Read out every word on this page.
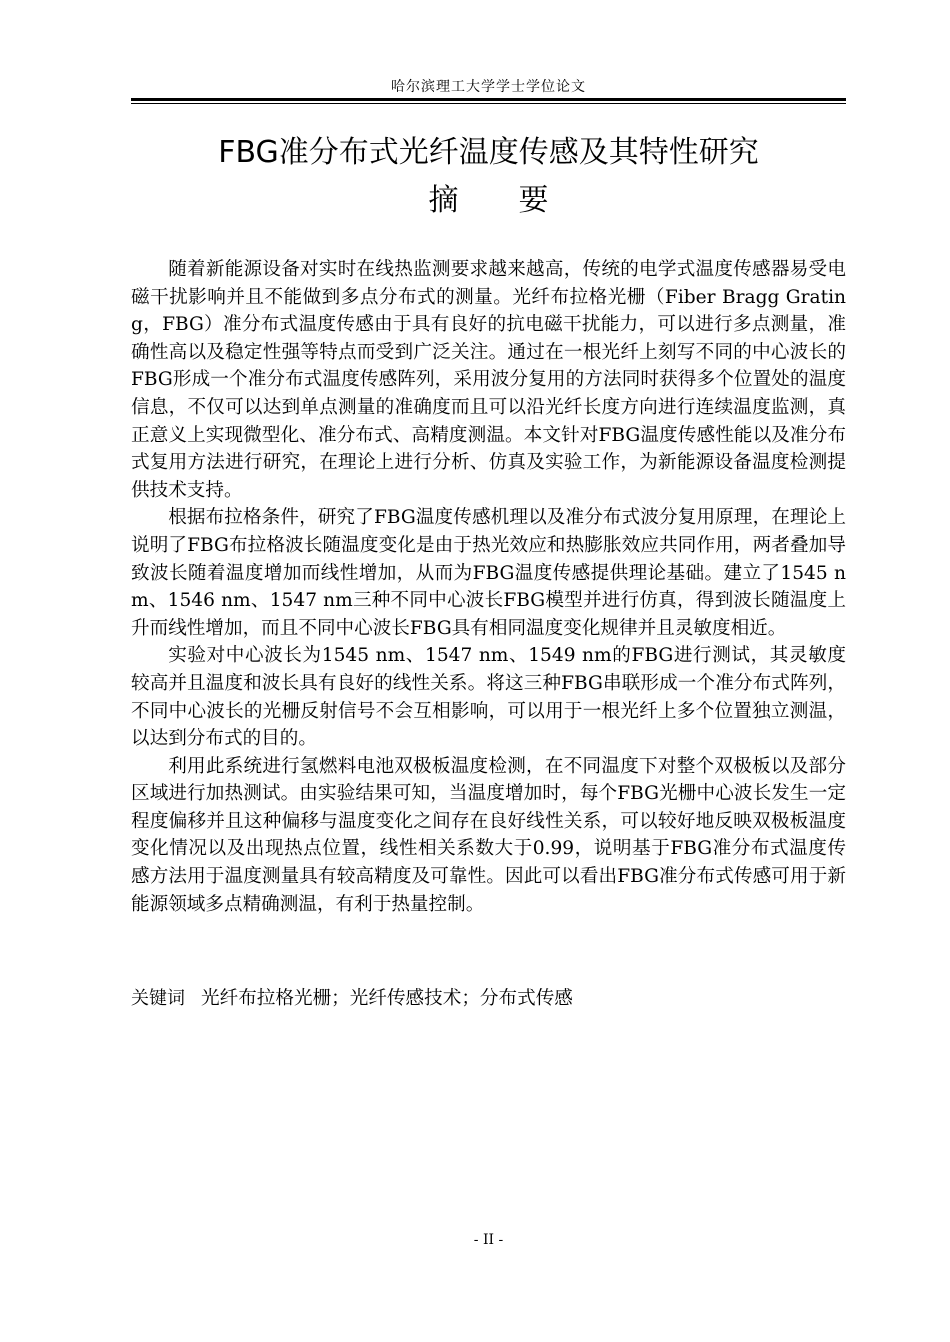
哈尔滨理工大学学士学位论文
FBG准分布式光纤温度传感及其特性研究
摘要

随着新能源设备对实时在线热监测要求越来越高，传统的电学式温度传感器易受电磁干扰影响并且不能做到多点分布式的测量。光纤布拉格光栅（Fiber Bragg Grating，FBG）准分布式温度传感由于具有良好的抗电磁干扰能力，可以进行多点测量，准确性高以及稳定性强等特点而受到广泛关注。通过在一根光纤上刻写不同的中心波长的FBG形成一个准分布式温度传感阵列，采用波分复用的方法同时获得多个位置处的温度信息，不仅可以达到单点测量的准确度而且可以沿光纤长度方向进行连续温度监测，真正意义上实现微型化、准分布式、高精度测温。本文针对FBG温度传感性能以及准分布式复用方法进行研究，在理论上进行分析、仿真及实验工作，为新能源设备温度检测提供技术支持。

根据布拉格条件，研究了FBG温度传感机理以及准分布式波分复用原理，在理论上说明了FBG布拉格波长随温度变化是由于热光效应和热膨胀效应共同作用，两者叠加导致波长随着温度增加而线性增加，从而为FBG温度传感提供理论基础。建立了1545 nm、1546 nm、1547 nm三种不同中心波长FBG模型并进行仿真，得到波长随温度上升而线性增加，而且不同中心波长FBG具有相同温度变化规律并且灵敏度相近。

实验对中心波长为1545 nm、1547 nm、1549 nm的FBG进行测试，其灵敏度较高并且温度和波长具有良好的线性关系。将这三种FBG串联形成一个准分布式阵列，不同中心波长的光栅反射信号不会互相影响，可以用于一根光纤上多个位置独立测温，以达到分布式的目的。

利用此系统进行氢燃料电池双极板温度检测，在不同温度下对整个双极板以及部分区域进行加热测试。由实验结果可知，当温度增加时，每个FBG光栅中心波长发生一定程度偏移并且这种偏移与温度变化之间存在良好线性关系，可以较好地反映双极板温度变化情况以及出现热点位置，线性相关系数大于0.99，说明基于FBG准分布式温度传感方法用于温度测量具有较高精度及可靠性。因此可以看出FBG准分布式传感可用于新能源领域多点精确测温，有利于热量控制。

关键词 光纤布拉格光栅；光纤传感技术；分布式传感
- II -
